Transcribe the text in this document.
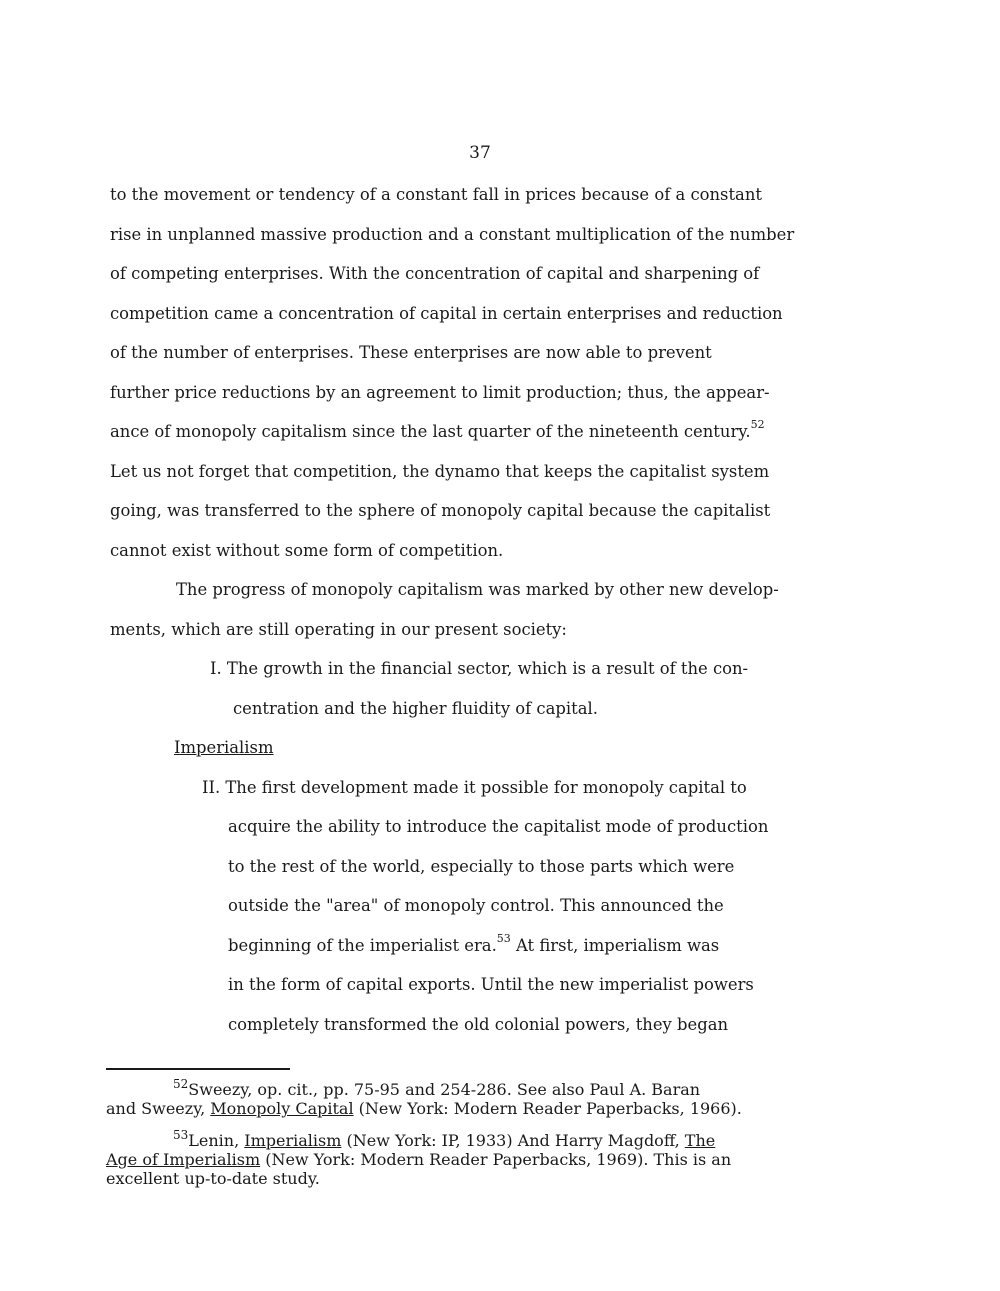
37
to the movement or tendency of a constant fall in prices because of a constant
rise in unplanned massive production and a constant multiplication of the number
of competing enterprises. With the concentration of capital and sharpening of
competition came a concentration of capital in certain enterprises and reduction
of the number of enterprises. These enterprises are now able to prevent
further price reductions by an agreement to limit production; thus, the appear-
ance of monopoly capitalism since the last quarter of the nineteenth century.$^{52}$
Let us not forget that competition, the dynamo that keeps the capitalist system
going, was transferred to the sphere of monopoly capital because the capitalist
cannot exist without some form of competition.
The progress of monopoly capitalism was marked by other new develop-
ments, which are still operating in our present society:
I. The growth in the financial sector, which is a result of the con-
centration and the higher fluidity of capital.
Imperialism
II. The first development made it possible for monopoly capital to
acquire the ability to introduce the capitalist mode of production
to the rest of the world, especially to those parts which were
outside the "area" of monopoly control. This announced the
beginning of the imperialist era.$^{53}$ At first, imperialism was
in the form of capital exports. Until the new imperialist powers
completely transformed the old colonial powers, they began
$^{52}$Sweezy, op. cit., pp. 75-95 and 254-286. See also Paul A. Baran
and Sweezy, Monopoly Capital (New York: Modern Reader Paperbacks, 1966).
$^{53}$Lenin, Imperialism (New York: IP, 1933) And Harry Magdoff, The
Age of Imperialism (New York: Modern Reader Paperbacks, 1969). This is an
excellent up-to-date study.
